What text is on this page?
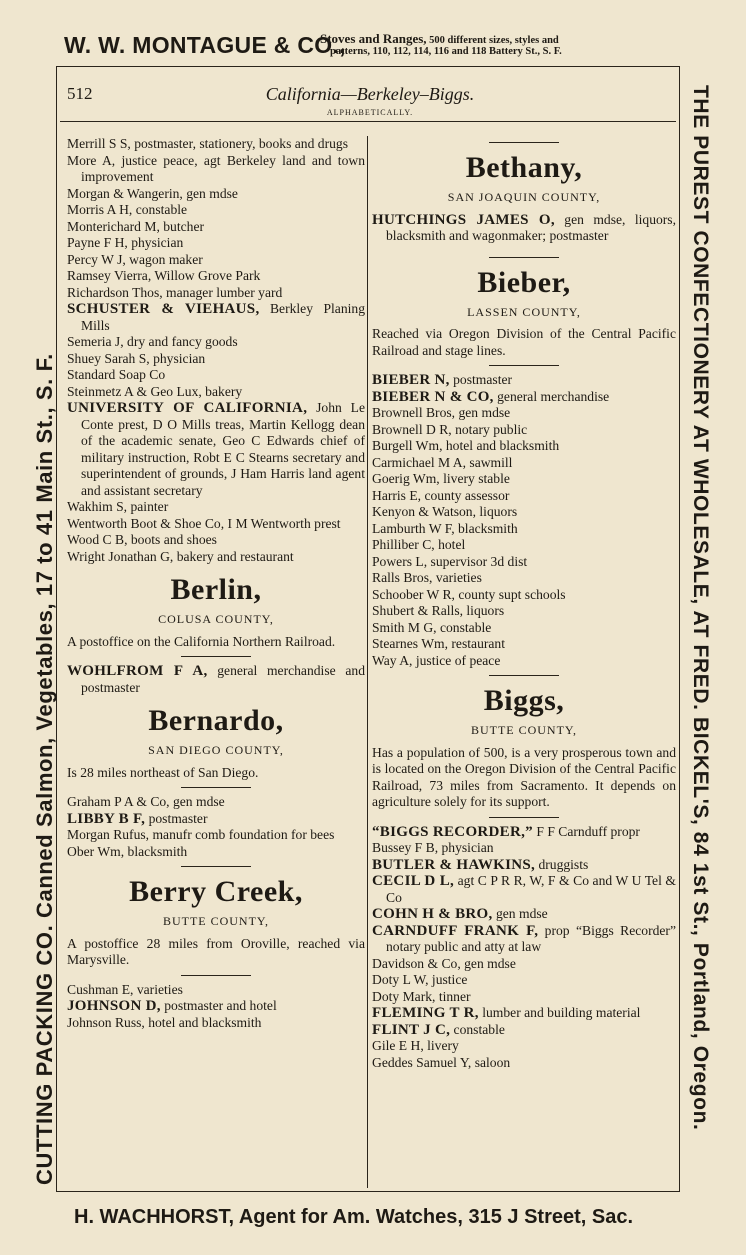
W. W. MONTAGUE & CO.,
Stoves and Ranges, 500 different sizes, styles and
patterns, 110, 112, 114, 116 and 118 Battery St., S. F.
512	California—Berkeley–Biggs.
ALPHABETICALLY.
CUTTING PACKING CO. Canned Salmon, Vegetables, 17 to 41 Main St., S. F.	THE PUREST CONFECTIONERY AT WHOLESALE, AT FRED. BICKEL'S, 84 1st St., Portland, Oregon.
Merrill S S, postmaster, stationery, books and drugs
More A, justice peace, agt Berkeley land and town improvement
Morgan & Wangerin, gen mdse
Morris A H, constable
Monterichard M, butcher
Payne F H, physician
Percy W J, wagon maker
Ramsey Vierra, Willow Grove Park
Richardson Thos, manager lumber yard
SCHUSTER & VIEHAUS, Berkley Planing Mills
Semeria J, dry and fancy goods
Shuey Sarah S, physician
Standard Soap Co
Steinmetz A & Geo Lux, bakery
UNIVERSITY OF CALIFORNIA, John Le Conte prest, D O Mills treas, Martin Kellogg dean of the academic senate, Geo C Edwards chief of military instruction, Robt E C Stearns secretary and superintendent of grounds, J Ham Harris land agent and assistant secretary
Wakhim S, painter
Wentworth Boot & Shoe Co, I M Wentworth prest
Wood C B, boots and shoes
Wright Jonathan G, bakery and restaurant
Berlin,
COLUSA COUNTY,
A postoffice on the California Northern Railroad.
WOHLFROM F A, general merchandise and postmaster
Bernardo,
SAN DIEGO COUNTY,
Is 28 miles northeast of San Diego.
Graham P A & Co, gen mdse
LIBBY B F, postmaster
Morgan Rufus, manufr comb foundation for bees
Ober Wm, blacksmith
Berry Creek,
BUTTE COUNTY,
A postoffice 28 miles from Oroville, reached via Marysville.
Cushman E, varieties
JOHNSON D, postmaster and hotel
Johnson Russ, hotel and blacksmith
Bethany,
SAN JOAQUIN COUNTY,
HUTCHINGS JAMES O, gen mdse, liquors, blacksmith and wagonmaker; postmaster
Bieber,
LASSEN COUNTY,
Reached via Oregon Division of the Central Pacific Railroad and stage lines.
BIEBER N, postmaster
BIEBER N & CO, general merchandise
Brownell Bros, gen mdse
Brownell D R, notary public
Burgell Wm, hotel and blacksmith
Carmichael M A, sawmill
Goerig Wm, livery stable
Harris E, county assessor
Kenyon & Watson, liquors
Lamburth W F, blacksmith
Philliber C, hotel
Powers L, supervisor 3d dist
Ralls Bros, varieties
Schoober W R, county supt schools
Shubert & Ralls, liquors
Smith M G, constable
Stearnes Wm, restaurant
Way A, justice of peace
Biggs,
BUTTE COUNTY,
Has a population of 500, is a very prosperous town and is located on the Oregon Division of the Central Pacific Railroad, 73 miles from Sacramento. It depends on agriculture solely for its support.
“BIGGS RECORDER,” F F Carnduff propr
Bussey F B, physician
BUTLER & HAWKINS, druggists
CECIL D L, agt C P R R, W, F & Co and W U Tel & Co
COHN H & BRO, gen mdse
CARNDUFF FRANK F, prop “Biggs Recorder” notary public and atty at law
Davidson & Co, gen mdse
Doty L W, justice
Doty Mark, tinner
FLEMING T R, lumber and building material
FLINT J C, constable
Gile E H, livery
Geddes Samuel Y, saloon
H. WACHHORST, Agent for Am. Watches, 315 J Street, Sac.
